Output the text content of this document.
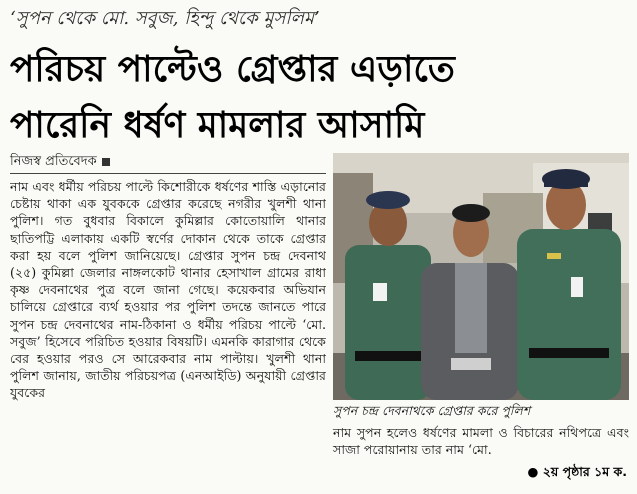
‘সুপন থেকে মো. সবুজ, হিন্দু থেকে মুসলিম’
পরিচয় পাল্টেও গ্রেপ্তার এড়াতে
পারেনি ধর্ষণ মামলার আসামি
নিজস্ব প্রতিবেদক

নাম এবং ধর্মীয় পরিচয় পাল্টে কিশোরীকে ধর্ষণের শাস্তি এড়ানোর চেষ্টায় থাকা এক যুবককে গ্রেপ্তার করেছে নগরীর খুলশী থানা পুলিশ। গত বুধবার বিকালে কুমিল্লার কোতোয়ালি থানার ছাতিপট্টি এলাকায় একটি স্বর্ণের দোকান থেকে তাকে গ্রেপ্তার করা হয় বলে পুলিশ জানিয়েছে। গ্রেপ্তার সুপন চন্দ্র দেবনাথ (২৫) কুমিল্লা জেলার নাঙ্গলকোট থানার হেসাখাল গ্রামের রাধা কৃষ্ণ দেবনাথের পুত্র বলে জানা গেছে। কয়েকবার অভিযান চালিয়ে গ্রেপ্তারে ব্যর্থ হওয়ার পর পুলিশ তদন্তে জানতে পারে সুপন চন্দ্র দেবনাথের নাম-ঠিকানা ও ধর্মীয় পরিচয় পাল্টে ‘মো. সবুজ’ হিসেবে পরিচিত হওয়ার বিষয়টি। এমনকি কারাগার থেকে বের হওয়ার পরও সে আরেকবার নাম পাল্টায়। খুলশী থানা পুলিশ জানায়, জাতীয় পরিচয়পত্র (এনআইডি) অনুযায়ী গ্রেপ্তার যুবকের

সুপন চন্দ্র দেবনাথকে গ্রেপ্তার করে পুলিশ
নাম সুপন হলেও ধর্ষণের মামলা ও বিচারের নথিপত্রে এবং সাজা পরোয়ানায় তার নাম ‘মো.
● ২য় পৃষ্ঠার ১ম ক.
